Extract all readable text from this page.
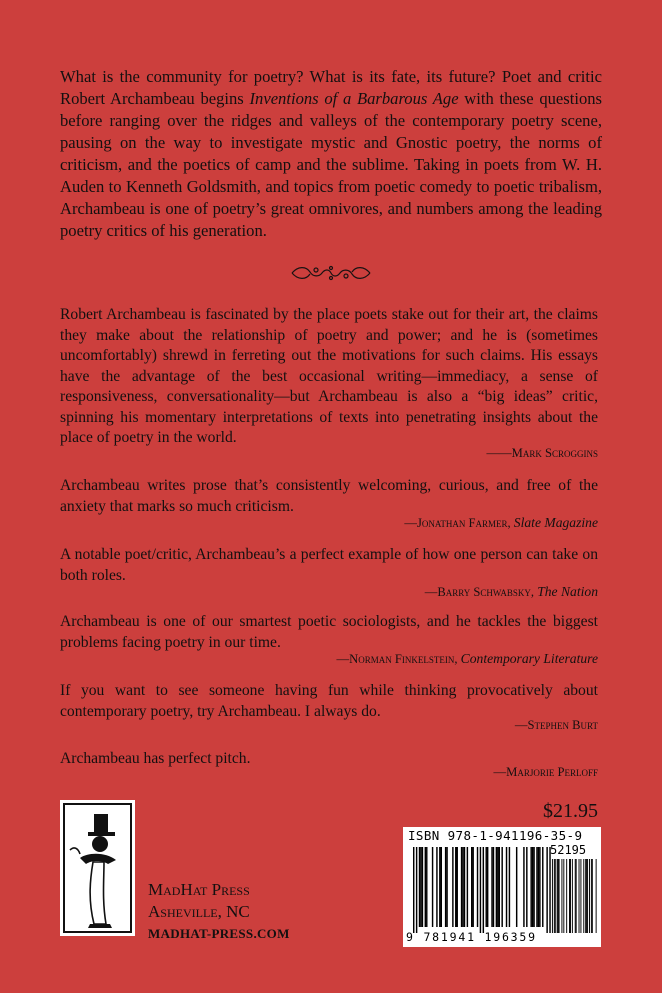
What is the community for poetry? What is its fate, its future? Poet and critic Robert Archambeau begins Inventions of a Barbarous Age with these questions before ranging over the ridges and valleys of the contemporary poetry scene, pausing on the way to investigate mystic and Gnostic poetry, the norms of criticism, and the poetics of camp and the sublime. Taking in poets from W. H. Auden to Kenneth Goldsmith, and topics from poetic comedy to poetic tribalism, Archambeau is one of poetry’s great omnivores, and numbers among the leading poetry critics of his generation.

Robert Archambeau is fascinated by the place poets stake out for their art, the claims they make about the relationship of poetry and power; and he is (sometimes uncomfortably) shrewd in ferreting out the motivations for such claims. His essays have the advantage of the best occasional writing—immediacy, a sense of responsiveness, conversationality—but Archambeau is also a “big ideas” critic, spinning his momentary interpretations of texts into penetrating insights about the place of poetry in the world.

——Mark Scroggins

Archambeau writes prose that’s consistently welcoming, curious, and free of the anxiety that marks so much criticism.

—Jonathan Farmer, Slate Magazine

A notable poet/critic, Archambeau’s a perfect example of how one person can take on both roles.

—Barry Schwabsky, The Nation

Archambeau is one of our smartest poetic sociologists, and he tackles the biggest problems facing poetry in our time.

—Norman Finkelstein, Contemporary Literature

If you want to see someone having fun while thinking provocatively about contemporary poetry, try Archambeau. I always do.

—Stephen Burt

Archambeau has perfect pitch.

—Marjorie Perloff
MadHat Press
Asheville, NC
MADHAT-PRESS.COM
$21.95
ISBN 978-1-941196-35-9
52195
9 781941 196359
